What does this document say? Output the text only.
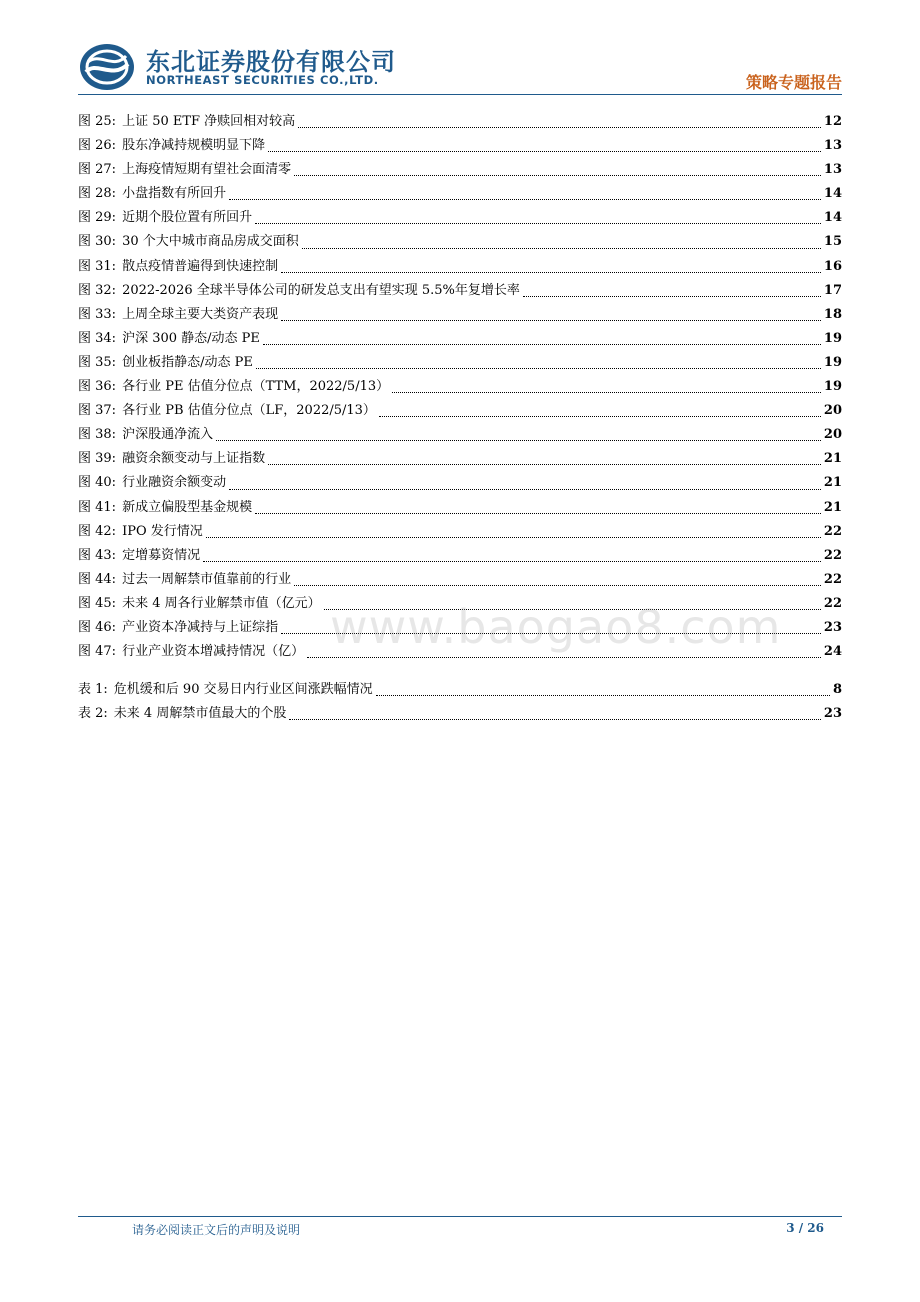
东北证券股份有限公司
NORTHEAST SECURITIES CO.,LTD.	策略专题报告
图 25: 上证 50 ETF 净赎回相对较高	12
图 26: 股东净减持规模明显下降	13
图 27: 上海疫情短期有望社会面清零	13
图 28: 小盘指数有所回升	14
图 29: 近期个股位置有所回升	14
图 30: 30 个大中城市商品房成交面积	15
图 31: 散点疫情普遍得到快速控制	16
图 32: 2022-2026 全球半导体公司的研发总支出有望实现 5.5%年复增长率	17
图 33: 上周全球主要大类资产表现	18
图 34: 沪深 300 静态/动态 PE	19
图 35: 创业板指静态/动态 PE	19
图 36: 各行业 PE 估值分位点（TTM，2022/5/13）	19
图 37: 各行业 PB 估值分位点（LF，2022/5/13）	20
图 38: 沪深股通净流入	20
图 39: 融资余额变动与上证指数	21
图 40: 行业融资余额变动	21
图 41: 新成立偏股型基金规模	21
图 42: IPO 发行情况	22
图 43: 定增募资情况	22
图 44: 过去一周解禁市值靠前的行业	22
图 45: 未来 4 周各行业解禁市值（亿元）	22
图 46: 产业资本净减持与上证综指	23
图 47: 行业产业资本增减持情况（亿）	24
表 1: 危机缓和后 90 交易日内行业区间涨跌幅情况	8
表 2: 未来 4 周解禁市值最大的个股	23
www.baogao8.com
请务必阅读正文后的声明及说明	3 / 26
